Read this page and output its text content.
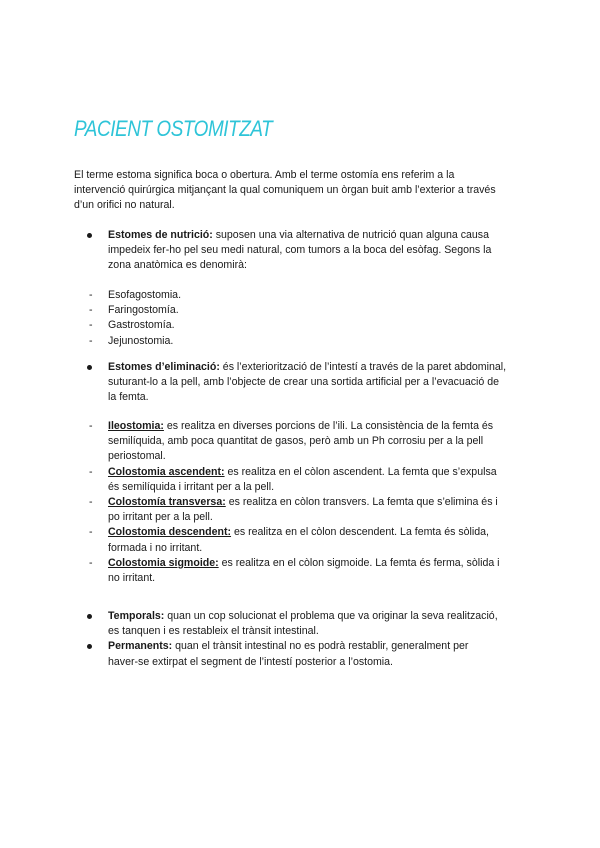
PACIENT OSTOMITZAT
El terme estoma significa boca o obertura. Amb el terme ostomía ens referim a la
intervenció quirúrgica mitjançant la qual comuniquem un òrgan buit amb l’exterior a través
d’un orifici no natural.
Estomes de nutrició: suposen una via alternativa de nutrició quan alguna causa
impedeix fer-ho pel seu medi natural, com tumors a la boca del esòfag. Segons la
zona anatòmica es denomirà:
- Esofagostomia.
- Faringostomía.
- Gastrostomía.
- Jejunostomia.
Estomes d’eliminació: és l’exteriorització de l’intestí a través de la paret abdominal,
suturant-lo a la pell, amb l’objecte de crear una sortida artificial per a l’evacuació de
la femta.
- Ileostomia: es realitza en diverses porcions de l’ili. La consistència de la femta és
semilíquida, amb poca quantitat de gasos, però amb un Ph corrosiu per a la pell
periostomal.
- Colostomia ascendent: es realitza en el còlon ascendent. La femta que s’expulsa
és semilíquida i irritant per a la pell.
- Colostomía transversa: es realitza en còlon transvers. La femta que s’elimina és i
po irritant per a la pell.
- Colostomia descendent: es realitza en el còlon descendent. La femta és sòlida,
formada i no irritant.
- Colostomia sigmoide: es realitza en el còlon sigmoide. La femta és ferma, sòlida i
no irritant.
Temporals: quan un cop solucionat el problema que va originar la seva realització,
es tanquen i es restableix el trànsit intestinal.
Permanents: quan el trànsit intestinal no es podrà restablir, generalment per
haver-se extirpat el segment de l’intestí posterior a l’ostomia.
